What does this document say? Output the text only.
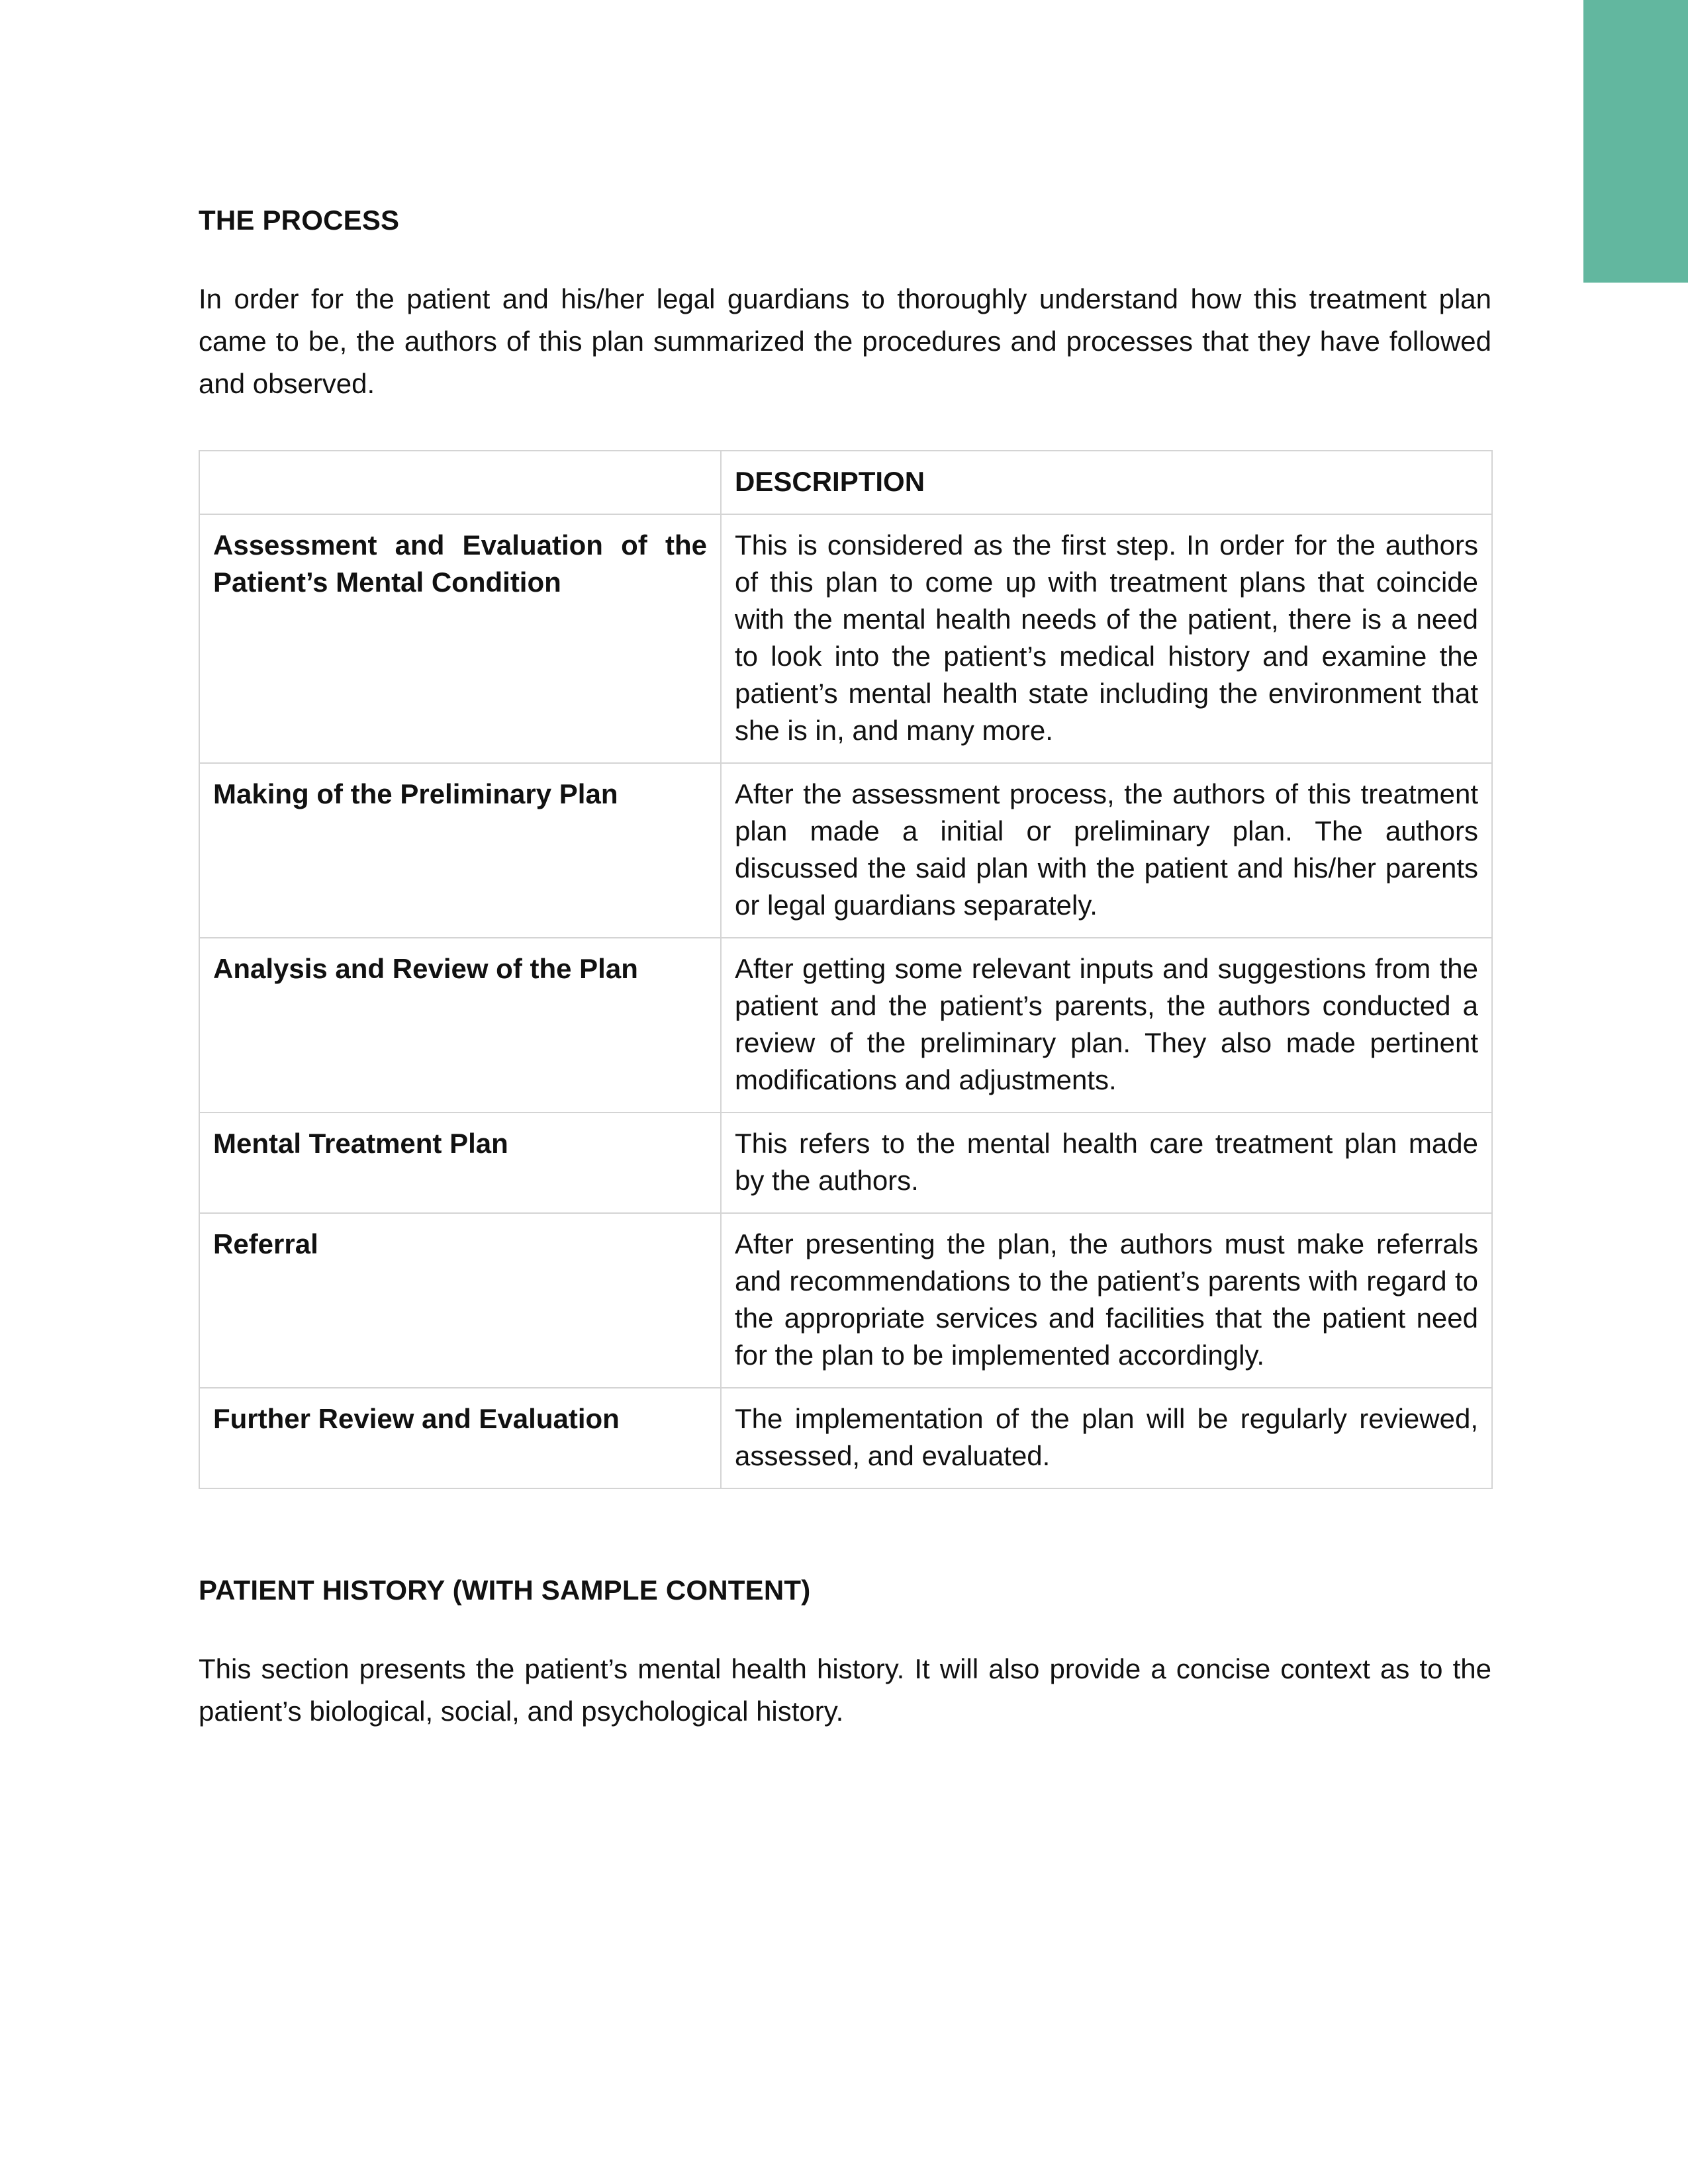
THE PROCESS

In order for the patient and his/her legal guardians to thoroughly understand how this treatment plan came to be, the authors of this plan summarized the procedures and processes that they have followed and observed.

	DESCRIPTION
Assessment and Evaluation of the Patient’s Mental Condition	This is considered as the first step. In order for the authors of this plan to come up with treatment plans that coincide with the mental health needs of the patient, there is a need to look into the patient’s medical history and examine the patient’s mental health state including the environment that she is in, and many more.
Making of the Preliminary Plan	After the assessment process, the authors of this treatment plan made a initial or preliminary plan. The authors discussed the said plan with the patient and his/her parents or legal guardians separately.
Analysis and Review of the Plan	After getting some relevant inputs and suggestions from the patient and the patient’s parents, the authors conducted a review of the preliminary plan. They also made pertinent modifications and adjustments.
Mental Treatment Plan	This refers to the mental health care treatment plan made by the authors.
Referral	After presenting the plan, the authors must make referrals and recommendations to the patient’s parents with regard to the appropriate services and facilities that the patient need for the plan to be implemented accordingly.
Further Review and Evaluation	The implementation of the plan will be regularly reviewed, assessed, and evaluated.
PATIENT HISTORY (WITH SAMPLE CONTENT)

This section presents the patient’s mental health history. It will also provide a concise context as to the patient’s biological, social, and psychological history.
